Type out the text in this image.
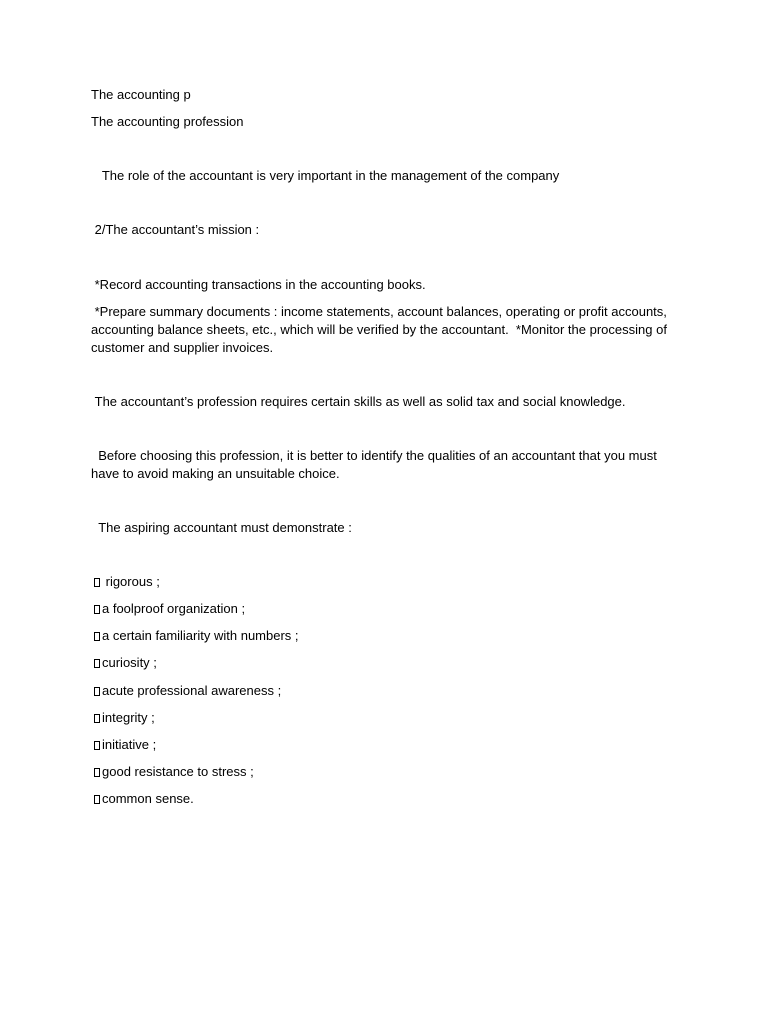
The accounting p

The accounting profession

The role of the accountant is very important in the management of the company

2/The accountant’s mission :

*Record accounting transactions in the accounting books.

*Prepare summary documents : income statements, account balances, operating or profit accounts, accounting balance sheets, etc., which will be verified by the accountant.  *Monitor the processing of customer and supplier invoices.

The accountant’s profession requires certain skills as well as solid tax and social knowledge.

Before choosing this profession, it is better to identify the qualities of an accountant that you must have to avoid making an unsuitable choice.

The aspiring accountant must demonstrate :

rigorous ;
a foolproof organization ;
a certain familiarity with numbers ;
curiosity ;
acute professional awareness ;
integrity ;
initiative ;
good resistance to stress ;
common sense.
